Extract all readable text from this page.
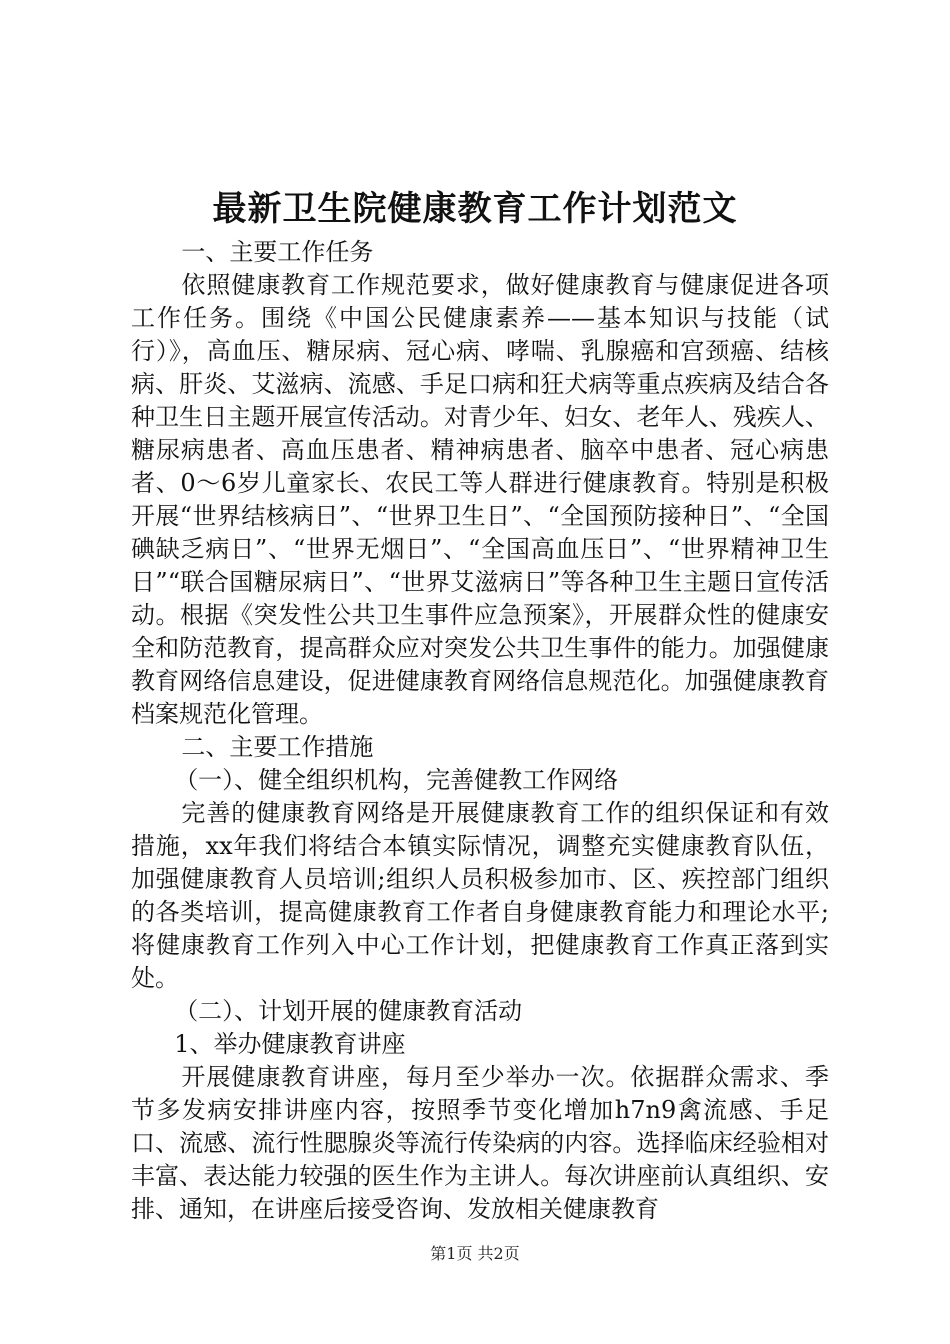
最新卫生院健康教育工作计划范文

一、主要工作任务

依照健康教育工作规范要求，做好健康教育与健康促进各项工作任务。围绕《中国公民健康素养——基本知识与技能（试行）》，高血压、糖尿病、冠心病、哮喘、乳腺癌和宫颈癌、结核病、肝炎、艾滋病、流感、手足口病和狂犬病等重点疾病及结合各种卫生日主题开展宣传活动。对青少年、妇女、老年人、残疾人、糖尿病患者、高血压患者、精神病患者、脑卒中患者、冠心病患者、0～6岁儿童家长、农民工等人群进行健康教育。特别是积极开展“世界结核病日”、“世界卫生日”、“全国预防接种日”、“全国碘缺乏病日”、“世界无烟日”、“全国高血压日”、“世界精神卫生日”“联合国糖尿病日”、“世界艾滋病日”等各种卫生主题日宣传活动。根据《突发性公共卫生事件应急预案》，开展群众性的健康安全和防范教育，提高群众应对突发公共卫生事件的能力。加强健康教育网络信息建设，促进健康教育网络信息规范化。加强健康教育档案规范化管理。

二、主要工作措施

（一）、健全组织机构，完善健教工作网络

完善的健康教育网络是开展健康教育工作的组织保证和有效措施，xx年我们将结合本镇实际情况，调整充实健康教育队伍，加强健康教育人员培训;组织人员积极参加市、区、疾控部门组织的各类培训，提高健康教育工作者自身健康教育能力和理论水平;将健康教育工作列入中心工作计划，把健康教育工作真正落到实处。

（二）、计划开展的健康教育活动

1、举办健康教育讲座

开展健康教育讲座，每月至少举办一次。依据群众需求、季节多发病安排讲座内容，按照季节变化增加h7n9禽流感、手足口、流感、流行性腮腺炎等流行传染病的内容。选择临床经验相对丰富、表达能力较强的医生作为主讲人。每次讲座前认真组织、安排、通知，在讲座后接受咨询、发放相关健康教育

第1页 共2页
